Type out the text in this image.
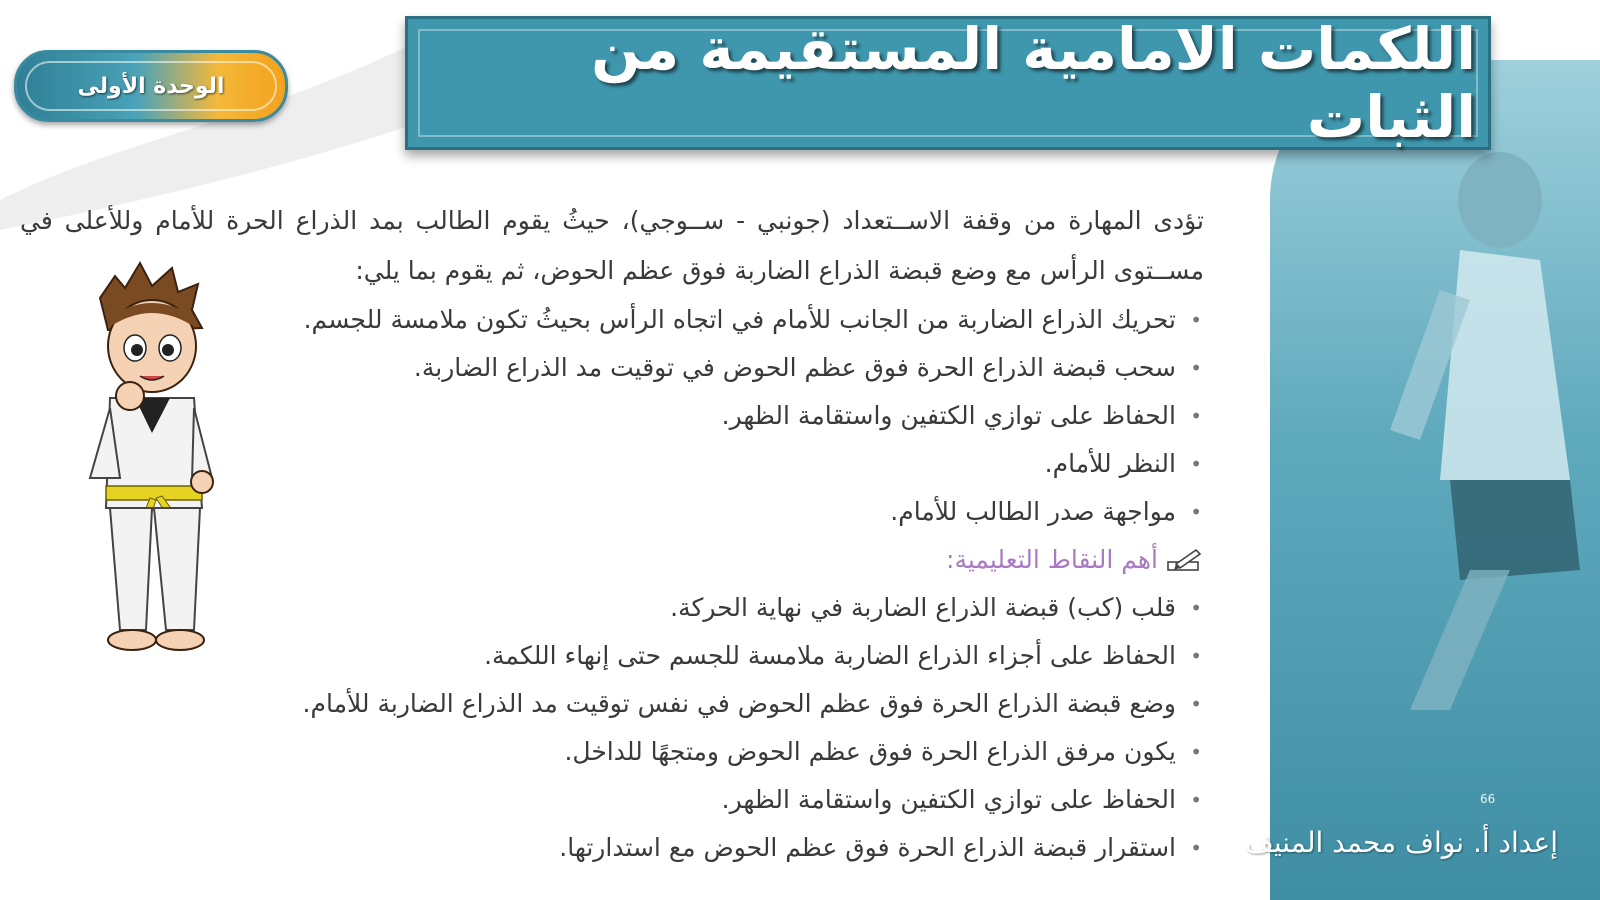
الوحدة الأولى
اللكمات الامامية المستقيمة من الثبات

تؤدى المهارة من وقفة الاســتعداد (جونبي - ســوجي)، حيثُ يقوم الطالب بمد الذراع الحرة للأمام وللأعلى في مســتوى الرأس مع وضع قبضة الذراع الضاربة فوق عظم الحوض، ثم يقوم بما يلي:

• تحريك الذراع الضاربة من الجانب للأمام في اتجاه الرأس بحيثُ تكون ملامسة للجسم.
• سحب قبضة الذراع الحرة فوق عظم الحوض في توقيت مد الذراع الضاربة.
• الحفاظ على توازي الكتفين واستقامة الظهر.
• النظر للأمام.
• مواجهة صدر الطالب للأمام.
أهم النقاط التعليمية:
• قلب (كب) قبضة الذراع الضاربة في نهاية الحركة.
• الحفاظ على أجزاء الذراع الضاربة ملامسة للجسم حتى إنهاء اللكمة.
• وضع قبضة الذراع الحرة فوق عظم الحوض في نفس توقيت مد الذراع الضاربة للأمام.
• يكون مرفق الذراع الحرة فوق عظم الحوض ومتجهًا للداخل.
• الحفاظ على توازي الكتفين واستقامة الظهر.
• استقرار قبضة الذراع الحرة فوق عظم الحوض مع استدارتها.
66
إعداد أ. نواف محمد المنيف
